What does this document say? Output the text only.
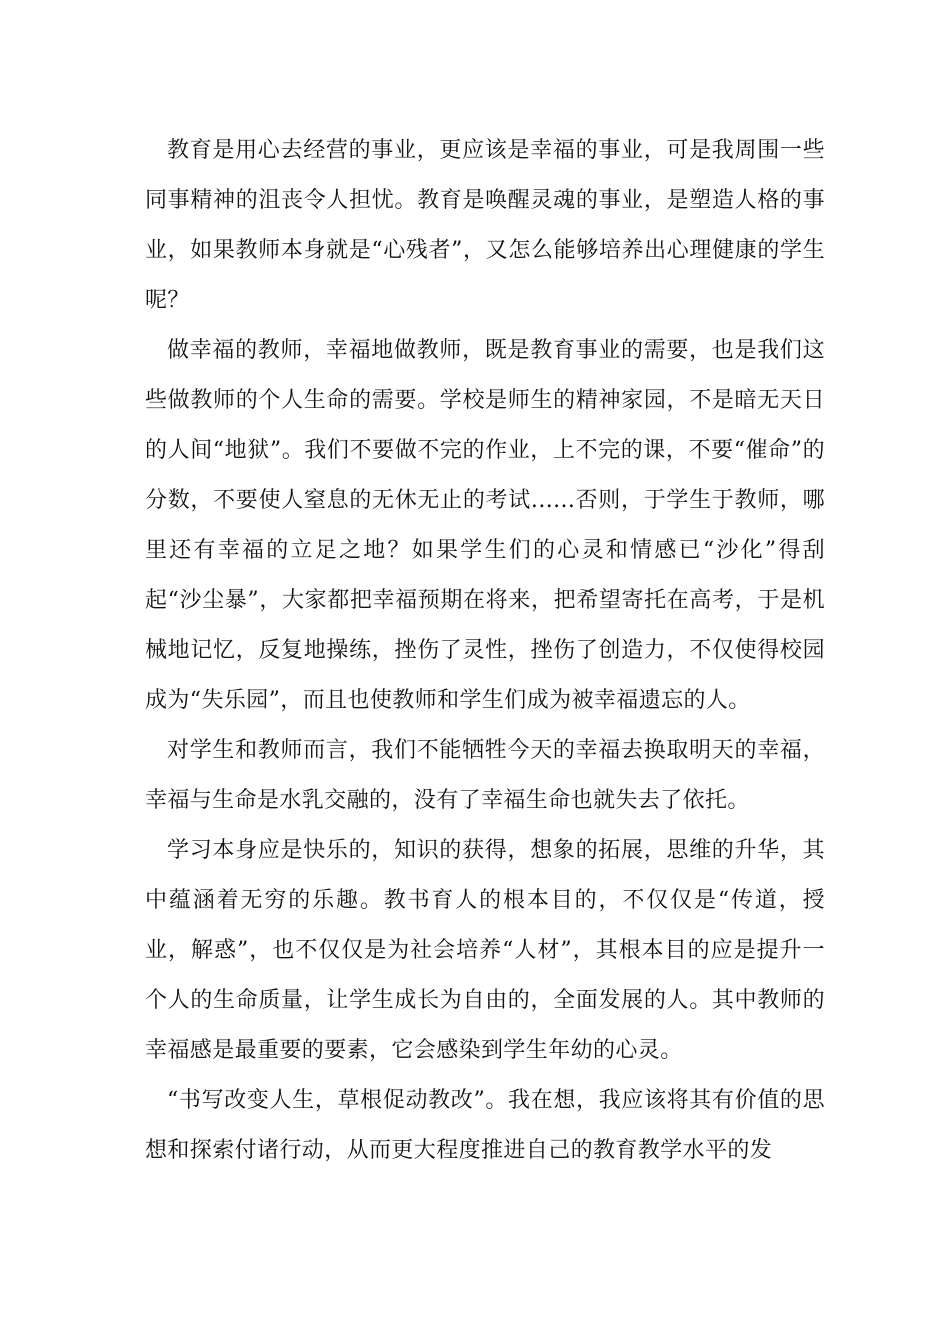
教育是用心去经营的事业，更应该是幸福的事业，可是我周围一些同事精神的沮丧令人担忧。教育是唤醒灵魂的事业，是塑造人格的事业，如果教师本身就是“心残者”，又怎么能够培养出心理健康的学生呢？

做幸福的教师，幸福地做教师，既是教育事业的需要，也是我们这些做教师的个人生命的需要。学校是师生的精神家园，不是暗无天日的人间“地狱”。我们不要做不完的作业，上不完的课，不要“催命”的分数，不要使人窒息的无休无止的考试......否则，于学生于教师，哪里还有幸福的立足之地？如果学生们的心灵和情感已“沙化”得刮起“沙尘暴”，大家都把幸福预期在将来，把希望寄托在高考，于是机械地记忆，反复地操练，挫伤了灵性，挫伤了创造力，不仅使得校园成为“失乐园”，而且也使教师和学生们成为被幸福遗忘的人。

对学生和教师而言，我们不能牺牲今天的幸福去换取明天的幸福，幸福与生命是水乳交融的，没有了幸福生命也就失去了依托。

学习本身应是快乐的，知识的获得，想象的拓展，思维的升华，其中蕴涵着无穷的乐趣。教书育人的根本目的，不仅仅是“传道，授业，解惑”，也不仅仅是为社会培养“人材”，其根本目的应是提升一个人的生命质量，让学生成长为自由的，全面发展的人。其中教师的幸福感是最重要的要素，它会感染到学生年幼的心灵。

“书写改变人生，草根促动教改”。我在想，我应该将其有价值的思想和探索付诸行动，从而更大程度推进自己的教育教学水平的发
